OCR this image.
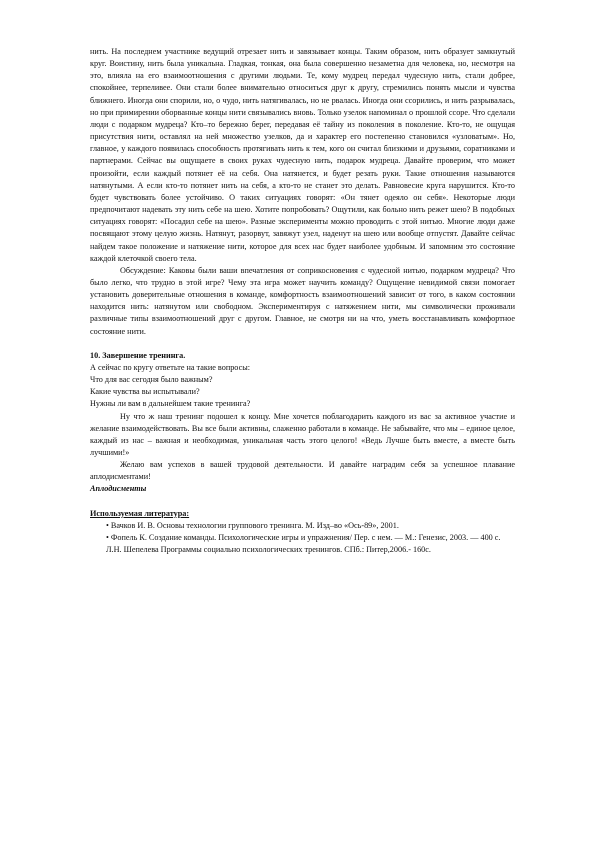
нить. На последнем участнике ведущий отрезает нить и завязывает концы. Таким образом, нить образует замкнутый круг. Воистину, нить была уникальна. Гладкая, тонкая, она была совершенно незаметна для человека, но, несмотря на это, влияла на его взаимоотношения с другими людьми. Те, кому мудрец передал чудесную нить, стали добрее, спокойнее, терпеливее. Они стали более внимательно относиться друг к другу, стремились понять мысли и чувства ближнего. Иногда они спорили, но, о чудо, нить натягивалась, но не рвалась. Иногда они ссорились, и нить разрывалась, но при примирении оборванные концы нити связывались вновь. Только узелок напоминал о прошлой ссоре. Что сделали люди с подарком мудреца? Кто–то бережно берег, передавая её тайну из поколения в поколение. Кто-то, не ощущая присутствия нити, оставлял на ней множество узелков, да и характер его постепенно становился «узловатым». Но, главное, у каждого появилась способность протягивать нить к тем, кого он считал близкими и друзьями, соратниками и партнерами. Сейчас вы ощущаете в своих руках чудесную нить, подарок мудреца. Давайте проверим, что может произойти, если каждый потянет её на себя. Она натянется, и будет резать руки. Такие отношения называются натянутыми. А если кто-то потянет нить на себя, а кто-то не станет это делать. Равновесие круга нарушится. Кто-то будет чувствовать более устойчиво. О таких ситуациях говорят: «Он тянет одеяло он себя». Некоторые люди предпочитают надевать эту нить себе на шею. Хотите попробовать? Ощутили, как больно нить режет шею? В подобных ситуациях говорят: «Посадил себе на шею». Разные эксперименты можно проводить с этой нитью. Многие люди даже посвящают этому целую жизнь. Натянут, разорвут, завяжут узел, наденут на шею или вообще отпустят. Давайте сейчас найдем такое положение и натяжение нити, которое для всех нас будет наиболее удобным. И запомним это состояние каждой клеточкой своего тела.

Обсуждение: Каковы были ваши впечатления от соприкосновения с чудесной нитью, подарком мудреца? Что было легко, что трудно в этой игре? Чему эта игра может научить команду? Ощущение невидимой связи помогает установить доверительные отношения в команде, комфортность взаимоотношений зависит от того, в каком состоянии находится нить: натянутом или свободном. Экспериментируя с натяжением нити, мы символически проживали различные типы взаимоотношений друг с другом. Главное, не смотря ни на что, уметь восстанавливать комфортное состояние нити.

10. Завершение тренинга.

А сейчас по кругу ответьте на такие вопросы:

Что для вас сегодня было важным?

Какие чувства вы испытывали?

Нужны ли вам в дальнейшем такие тренинга?

Ну что ж наш тренинг подошел к концу. Мне хочется поблагодарить каждого из вас за активное участие и желание взаимодействовать. Вы все были активны, слаженно работали в команде. Не забывайте, что мы – единое целое, каждый из нас – важная и необходимая, уникальная часть этого целого! «Ведь Лучше быть вместе, а вместе быть лучшими!»

Желаю вам успехов в вашей трудовой деятельности. И давайте наградим себя за успешное плавание аплодисментами!

Аплодисменты

Используемая литература:

• Вачков И. В. Основы технологии группового тренинга. М. Изд–во «Ось-89», 2001.

• Фопель К. Создание команды. Психологические игры и упражнения/ Пер. с нем. — М.: Генезис, 2003. — 400 с.

Л.Н. Шепелева Программы социально психологических тренингов. СПб.: Питер,2006.- 160с.
